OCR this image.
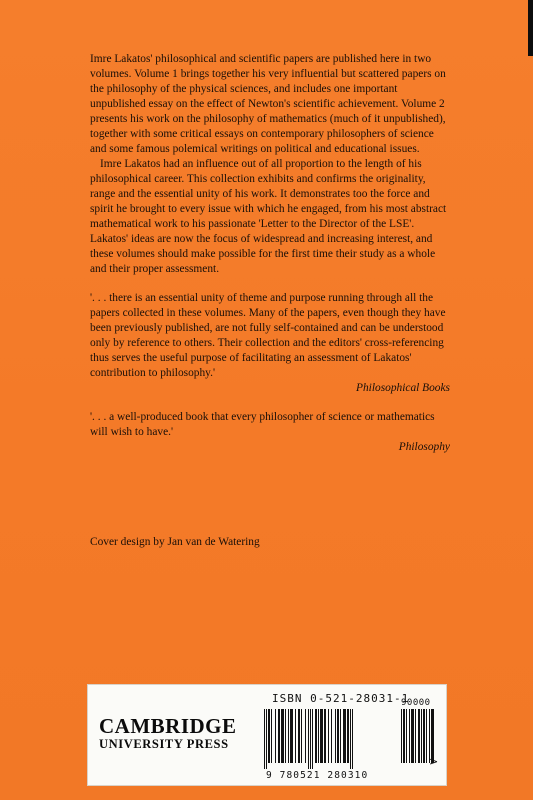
Imre Lakatos' philosophical and scientific papers are published here in two volumes. Volume 1 brings together his very influential but scattered papers on the philosophy of the physical sciences, and includes one important unpublished essay on the effect of Newton's scientific achievement. Volume 2 presents his work on the philosophy of mathematics (much of it unpublished), together with some critical essays on contemporary philosophers of science and some famous polemical writings on political and educational issues.

Imre Lakatos had an influence out of all proportion to the length of his philosophical career. This collection exhibits and confirms the originality, range and the essential unity of his work. It demonstrates too the force and spirit he brought to every issue with which he engaged, from his most abstract mathematical work to his passionate 'Letter to the Director of the LSE'. Lakatos' ideas are now the focus of widespread and increasing interest, and these volumes should make possible for the first time their study as a whole and their proper assessment.

'. . . there is an essential unity of theme and purpose running through all the papers collected in these volumes. Many of the papers, even though they have been previously published, are not fully self-contained and can be understood only by reference to others. Their collection and the editors' cross-referencing thus serves the useful purpose of facilitating an assessment of Lakatos' contribution to philosophy.'
Philosophical Books
'. . . a well-produced book that every philosopher of science or mathematics will wish to have.'
Philosophy
Cover design by Jan van de Watering
CAMBRIDGE
UNIVERSITY PRESS
ISBN 0-521-28031-1
90000
9 780521 280310
>
